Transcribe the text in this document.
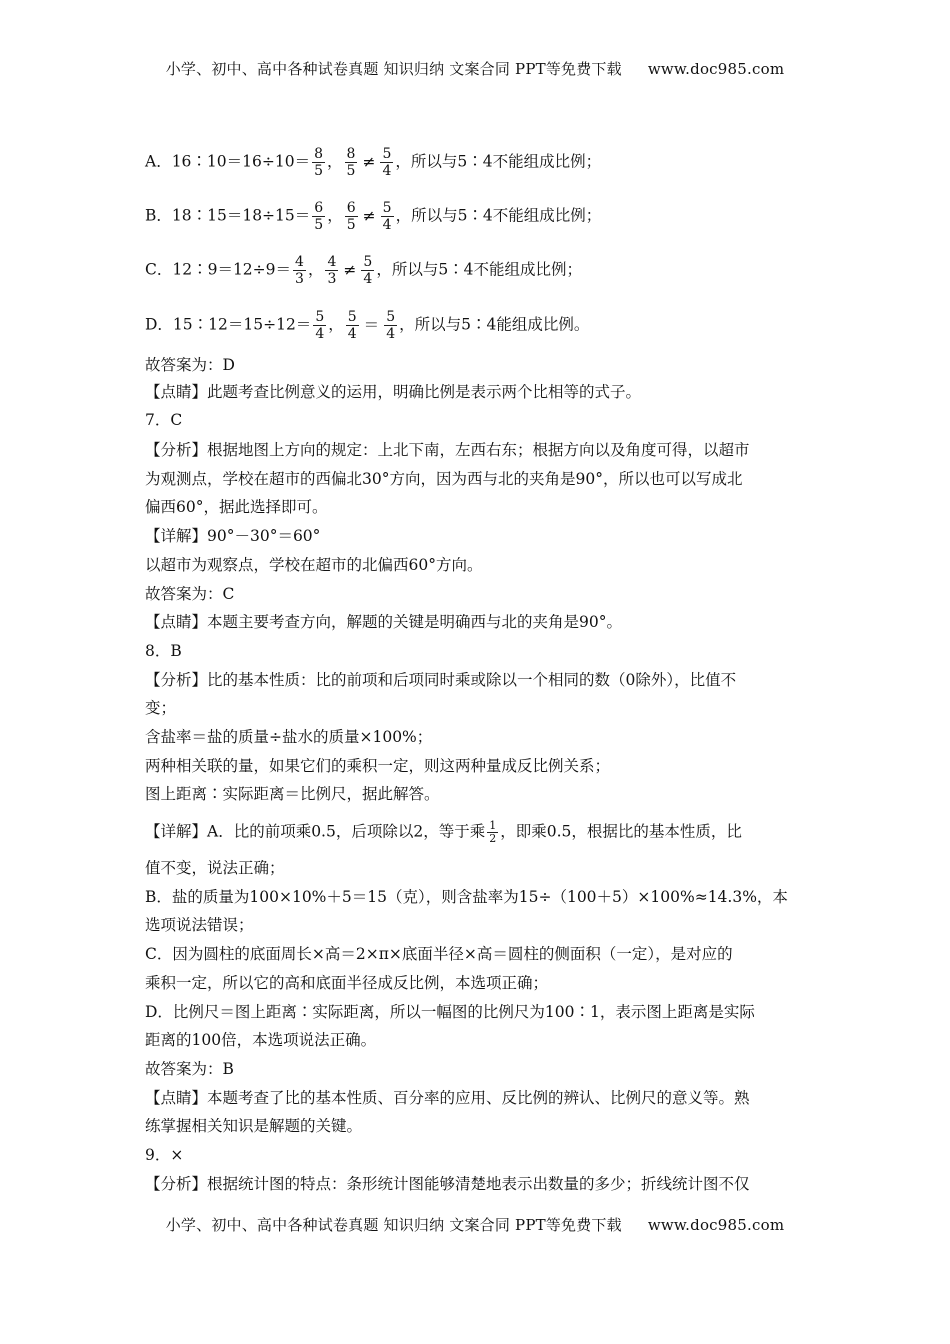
小学、初中、高中各种试卷真题 知识归纳 文案合同 PPT等免费下载 www.doc985.com
A．16∶10＝16÷10＝ $\frac{8}{5}$ ， $\frac{8}{5} \ne \frac{5}{4}$ ，所以与5∶4不能组成比例；
B．18∶15＝18÷15＝ $\frac{6}{5}$ ， $\frac{6}{5} \ne \frac{5}{4}$ ，所以与5∶4不能组成比例；
C．12∶9＝12÷9＝ $\frac{4}{3}$ ， $\frac{4}{3} \ne \frac{5}{4}$ ，所以与5∶4不能组成比例；
D．15∶12＝15÷12＝ $\frac{5}{4}$ ， $\frac{5}{4} = \frac{5}{4}$ ，所以与5∶4能组成比例。
故答案为：D
【点睛】此题考查比例意义的运用，明确比例是表示两个比相等的式子。
7．C
【分析】根据地图上方向的规定：上北下南，左西右东；根据方向以及角度可得，以超市
为观测点，学校在超市的西偏北30°方向，因为西与北的夹角是90°，所以也可以写成北
偏西60°，据此选择即可。
【详解】90°－30°＝60°
以超市为观察点，学校在超市的北偏西60°方向。
故答案为：C
【点睛】本题主要考查方向，解题的关键是明确西与北的夹角是90°。
8．B
【分析】比的基本性质：比的前项和后项同时乘或除以一个相同的数（0除外），比值不
变；
含盐率＝盐的质量÷盐水的质量×100%；
两种相关联的量，如果它们的乘积一定，则这两种量成反比例关系；
图上距离∶实际距离＝比例尺，据此解答。
【详解】A．比的前项乘0.5，后项除以2，等于乘 $\frac{1}{2}$ ，即乘0.5，根据比的基本性质，比
值不变，说法正确；
B．盐的质量为100×10%＋5＝15（克），则含盐率为15÷（100＋5）×100%≈14.3%，本
选项说法错误；
C．因为圆柱的底面周长×高＝2×π×底面半径×高＝圆柱的侧面积（一定），是对应的
乘积一定，所以它的高和底面半径成反比例，本选项正确；
D．比例尺＝图上距离∶实际距离，所以一幅图的比例尺为100∶1，表示图上距离是实际
距离的100倍，本选项说法正确。
故答案为：B
【点睛】本题考查了比的基本性质、百分率的应用、反比例的辨认、比例尺的意义等。熟
练掌握相关知识是解题的关键。
9．×
【分析】根据统计图的特点：条形统计图能够清楚地表示出数量的多少；折线统计图不仅
小学、初中、高中各种试卷真题 知识归纳 文案合同 PPT等免费下载 www.doc985.com
